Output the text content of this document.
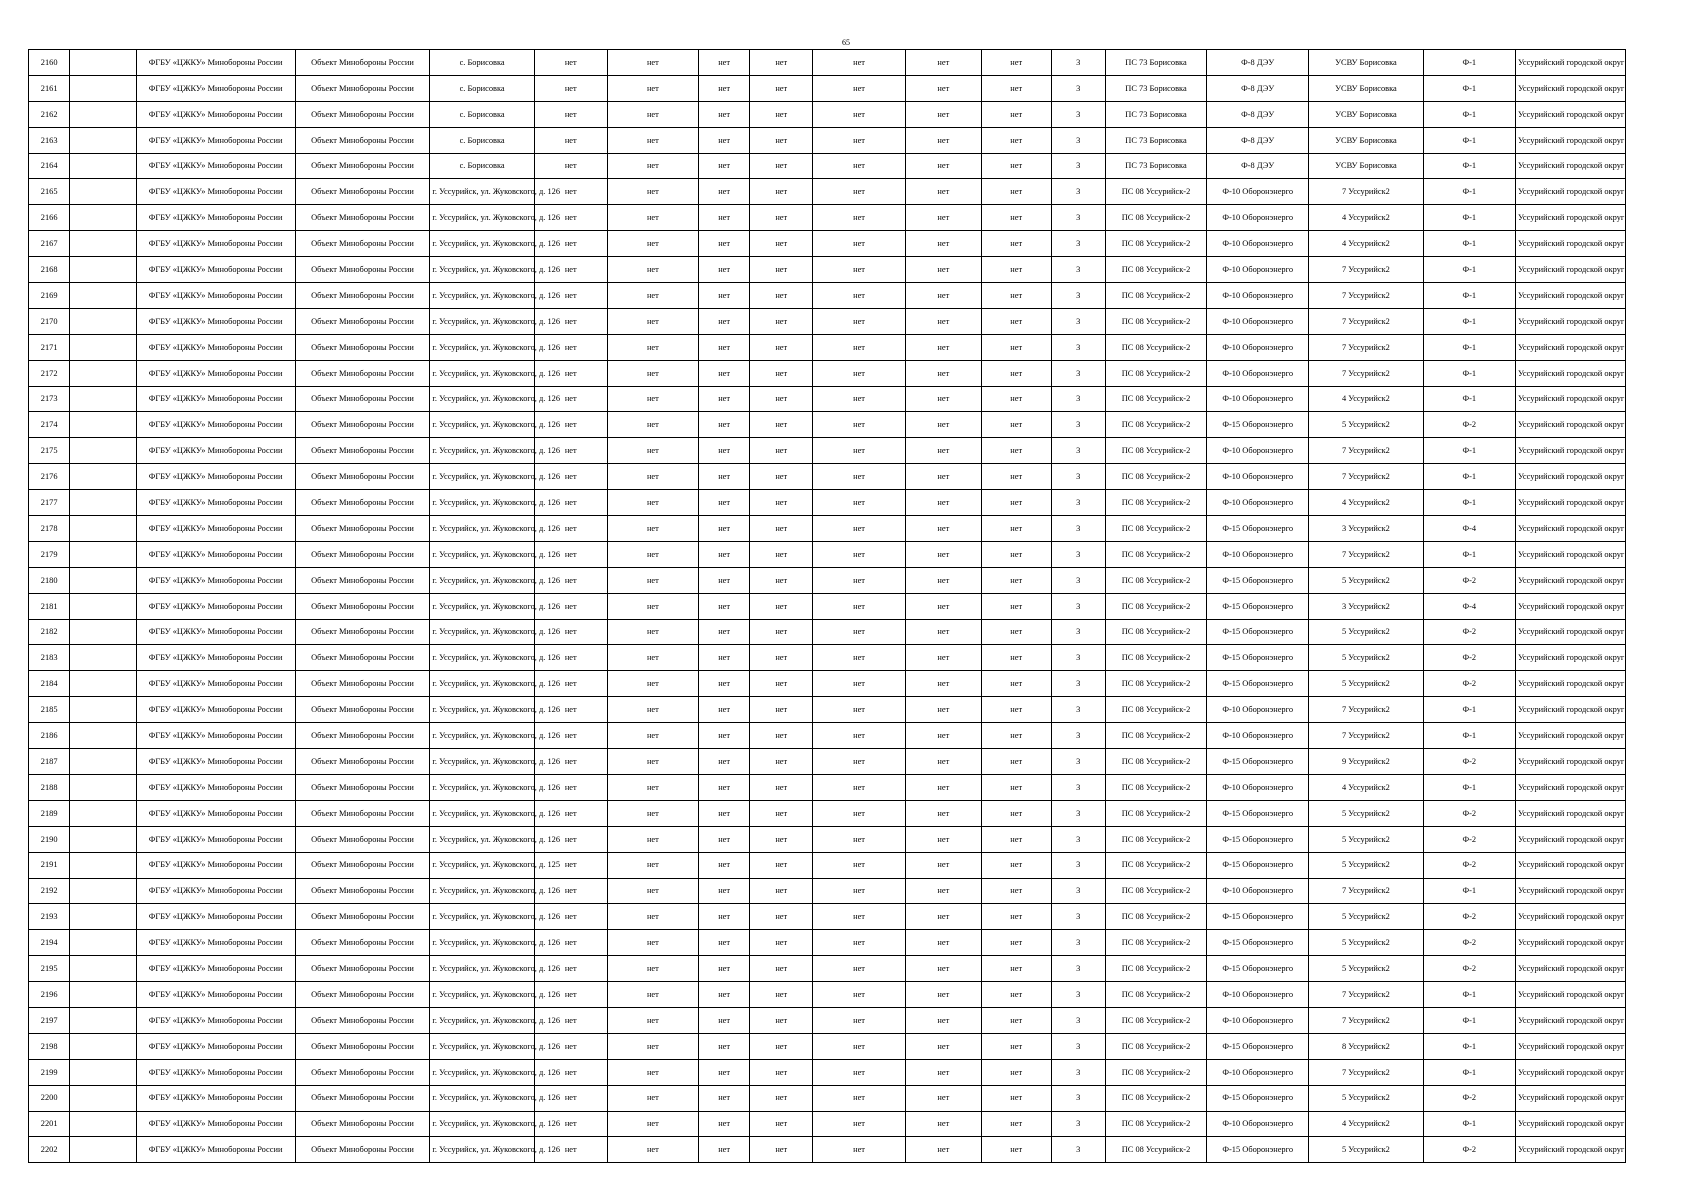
65
2160		ФГБУ «ЦЖКУ» Минобороны России	Объект Минобороны России	с. Борисовка	нет	нет	нет	нет	нет	нет	нет	3	ПС 73 Борисовка	Ф-8 ДЭУ	УСВУ Борисовка	Ф-1	Уссурийский городской округ
2161		ФГБУ «ЦЖКУ» Минобороны России	Объект Минобороны России	с. Борисовка	нет	нет	нет	нет	нет	нет	нет	3	ПС 73 Борисовка	Ф-8 ДЭУ	УСВУ Борисовка	Ф-1	Уссурийский городской округ
2162		ФГБУ «ЦЖКУ» Минобороны России	Объект Минобороны России	с. Борисовка	нет	нет	нет	нет	нет	нет	нет	3	ПС 73 Борисовка	Ф-8 ДЭУ	УСВУ Борисовка	Ф-1	Уссурийский городской округ
2163		ФГБУ «ЦЖКУ» Минобороны России	Объект Минобороны России	с. Борисовка	нет	нет	нет	нет	нет	нет	нет	3	ПС 73 Борисовка	Ф-8 ДЭУ	УСВУ Борисовка	Ф-1	Уссурийский городской округ
2164		ФГБУ «ЦЖКУ» Минобороны России	Объект Минобороны России	с. Борисовка	нет	нет	нет	нет	нет	нет	нет	3	ПС 73 Борисовка	Ф-8 ДЭУ	УСВУ Борисовка	Ф-1	Уссурийский городской округ
2165		ФГБУ «ЦЖКУ» Минобороны России	Объект Минобороны России	г. Уссурийск, ул. Жуковского, д. 126	нет	нет	нет	нет	нет	нет	нет	3	ПС 08 Уссурийск-2	Ф-10 Оборонэнерго	7 Уссурийск2	Ф-1	Уссурийский городской округ
2166		ФГБУ «ЦЖКУ» Минобороны России	Объект Минобороны России	г. Уссурийск, ул. Жуковского, д. 126	нет	нет	нет	нет	нет	нет	нет	3	ПС 08 Уссурийск-2	Ф-10 Оборонэнерго	4 Уссурийск2	Ф-1	Уссурийский городской округ
2167		ФГБУ «ЦЖКУ» Минобороны России	Объект Минобороны России	г. Уссурийск, ул. Жуковского, д. 126	нет	нет	нет	нет	нет	нет	нет	3	ПС 08 Уссурийск-2	Ф-10 Оборонэнерго	4 Уссурийск2	Ф-1	Уссурийский городской округ
2168		ФГБУ «ЦЖКУ» Минобороны России	Объект Минобороны России	г. Уссурийск, ул. Жуковского, д. 126	нет	нет	нет	нет	нет	нет	нет	3	ПС 08 Уссурийск-2	Ф-10 Оборонэнерго	7 Уссурийск2	Ф-1	Уссурийский городской округ
2169		ФГБУ «ЦЖКУ» Минобороны России	Объект Минобороны России	г. Уссурийск, ул. Жуковского, д. 126	нет	нет	нет	нет	нет	нет	нет	3	ПС 08 Уссурийск-2	Ф-10 Оборонэнерго	7 Уссурийск2	Ф-1	Уссурийский городской округ
2170		ФГБУ «ЦЖКУ» Минобороны России	Объект Минобороны России	г. Уссурийск, ул. Жуковского, д. 126	нет	нет	нет	нет	нет	нет	нет	3	ПС 08 Уссурийск-2	Ф-10 Оборонэнерго	7 Уссурийск2	Ф-1	Уссурийский городской округ
2171		ФГБУ «ЦЖКУ» Минобороны России	Объект Минобороны России	г. Уссурийск, ул. Жуковского, д. 126	нет	нет	нет	нет	нет	нет	нет	3	ПС 08 Уссурийск-2	Ф-10 Оборонэнерго	7 Уссурийск2	Ф-1	Уссурийский городской округ
2172		ФГБУ «ЦЖКУ» Минобороны России	Объект Минобороны России	г. Уссурийск, ул. Жуковского, д. 126	нет	нет	нет	нет	нет	нет	нет	3	ПС 08 Уссурийск-2	Ф-10 Оборонэнерго	7 Уссурийск2	Ф-1	Уссурийский городской округ
2173		ФГБУ «ЦЖКУ» Минобороны России	Объект Минобороны России	г. Уссурийск, ул. Жуковского, д. 126	нет	нет	нет	нет	нет	нет	нет	3	ПС 08 Уссурийск-2	Ф-10 Оборонэнерго	4 Уссурийск2	Ф-1	Уссурийский городской округ
2174		ФГБУ «ЦЖКУ» Минобороны России	Объект Минобороны России	г. Уссурийск, ул. Жуковского, д. 126	нет	нет	нет	нет	нет	нет	нет	3	ПС 08 Уссурийск-2	Ф-15 Оборонэнерго	5 Уссурийск2	Ф-2	Уссурийский городской округ
2175		ФГБУ «ЦЖКУ» Минобороны России	Объект Минобороны России	г. Уссурийск, ул. Жуковского, д. 126	нет	нет	нет	нет	нет	нет	нет	3	ПС 08 Уссурийск-2	Ф-10 Оборонэнерго	7 Уссурийск2	Ф-1	Уссурийский городской округ
2176		ФГБУ «ЦЖКУ» Минобороны России	Объект Минобороны России	г. Уссурийск, ул. Жуковского, д. 126	нет	нет	нет	нет	нет	нет	нет	3	ПС 08 Уссурийск-2	Ф-10 Оборонэнерго	7 Уссурийск2	Ф-1	Уссурийский городской округ
2177		ФГБУ «ЦЖКУ» Минобороны России	Объект Минобороны России	г. Уссурийск, ул. Жуковского, д. 126	нет	нет	нет	нет	нет	нет	нет	3	ПС 08 Уссурийск-2	Ф-10 Оборонэнерго	4 Уссурийск2	Ф-1	Уссурийский городской округ
2178		ФГБУ «ЦЖКУ» Минобороны России	Объект Минобороны России	г. Уссурийск, ул. Жуковского, д. 126	нет	нет	нет	нет	нет	нет	нет	3	ПС 08 Уссурийск-2	Ф-15 Оборонэнерго	3 Уссурийск2	Ф-4	Уссурийский городской округ
2179		ФГБУ «ЦЖКУ» Минобороны России	Объект Минобороны России	г. Уссурийск, ул. Жуковского, д. 126	нет	нет	нет	нет	нет	нет	нет	3	ПС 08 Уссурийск-2	Ф-10 Оборонэнерго	7 Уссурийск2	Ф-1	Уссурийский городской округ
2180		ФГБУ «ЦЖКУ» Минобороны России	Объект Минобороны России	г. Уссурийск, ул. Жуковского, д. 126	нет	нет	нет	нет	нет	нет	нет	3	ПС 08 Уссурийск-2	Ф-15 Оборонэнерго	5 Уссурийск2	Ф-2	Уссурийский городской округ
2181		ФГБУ «ЦЖКУ» Минобороны России	Объект Минобороны России	г. Уссурийск, ул. Жуковского, д. 126	нет	нет	нет	нет	нет	нет	нет	3	ПС 08 Уссурийск-2	Ф-15 Оборонэнерго	3 Уссурийск2	Ф-4	Уссурийский городской округ
2182		ФГБУ «ЦЖКУ» Минобороны России	Объект Минобороны России	г. Уссурийск, ул. Жуковского, д. 126	нет	нет	нет	нет	нет	нет	нет	3	ПС 08 Уссурийск-2	Ф-15 Оборонэнерго	5 Уссурийск2	Ф-2	Уссурийский городской округ
2183		ФГБУ «ЦЖКУ» Минобороны России	Объект Минобороны России	г. Уссурийск, ул. Жуковского, д. 126	нет	нет	нет	нет	нет	нет	нет	3	ПС 08 Уссурийск-2	Ф-15 Оборонэнерго	5 Уссурийск2	Ф-2	Уссурийский городской округ
2184		ФГБУ «ЦЖКУ» Минобороны России	Объект Минобороны России	г. Уссурийск, ул. Жуковского, д. 126	нет	нет	нет	нет	нет	нет	нет	3	ПС 08 Уссурийск-2	Ф-15 Оборонэнерго	5 Уссурийск2	Ф-2	Уссурийский городской округ
2185		ФГБУ «ЦЖКУ» Минобороны России	Объект Минобороны России	г. Уссурийск, ул. Жуковского, д. 126	нет	нет	нет	нет	нет	нет	нет	3	ПС 08 Уссурийск-2	Ф-10 Оборонэнерго	7 Уссурийск2	Ф-1	Уссурийский городской округ
2186		ФГБУ «ЦЖКУ» Минобороны России	Объект Минобороны России	г. Уссурийск, ул. Жуковского, д. 126	нет	нет	нет	нет	нет	нет	нет	3	ПС 08 Уссурийск-2	Ф-10 Оборонэнерго	7 Уссурийск2	Ф-1	Уссурийский городской округ
2187		ФГБУ «ЦЖКУ» Минобороны России	Объект Минобороны России	г. Уссурийск, ул. Жуковского, д. 126	нет	нет	нет	нет	нет	нет	нет	3	ПС 08 Уссурийск-2	Ф-15 Оборонэнерго	9 Уссурийск2	Ф-2	Уссурийский городской округ
2188		ФГБУ «ЦЖКУ» Минобороны России	Объект Минобороны России	г. Уссурийск, ул. Жуковского, д. 126	нет	нет	нет	нет	нет	нет	нет	3	ПС 08 Уссурийск-2	Ф-10 Оборонэнерго	4 Уссурийск2	Ф-1	Уссурийский городской округ
2189		ФГБУ «ЦЖКУ» Минобороны России	Объект Минобороны России	г. Уссурийск, ул. Жуковского, д. 126	нет	нет	нет	нет	нет	нет	нет	3	ПС 08 Уссурийск-2	Ф-15 Оборонэнерго	5 Уссурийск2	Ф-2	Уссурийский городской округ
2190		ФГБУ «ЦЖКУ» Минобороны России	Объект Минобороны России	г. Уссурийск, ул. Жуковского, д. 126	нет	нет	нет	нет	нет	нет	нет	3	ПС 08 Уссурийск-2	Ф-15 Оборонэнерго	5 Уссурийск2	Ф-2	Уссурийский городской округ
2191		ФГБУ «ЦЖКУ» Минобороны России	Объект Минобороны России	г. Уссурийск, ул. Жуковского, д. 125	нет	нет	нет	нет	нет	нет	нет	3	ПС 08 Уссурийск-2	Ф-15 Оборонэнерго	5 Уссурийск2	Ф-2	Уссурийский городской округ
2192		ФГБУ «ЦЖКУ» Минобороны России	Объект Минобороны России	г. Уссурийск, ул. Жуковского, д. 126	нет	нет	нет	нет	нет	нет	нет	3	ПС 08 Уссурийск-2	Ф-10 Оборонэнерго	7 Уссурийск2	Ф-1	Уссурийский городской округ
2193		ФГБУ «ЦЖКУ» Минобороны России	Объект Минобороны России	г. Уссурийск, ул. Жуковского, д. 126	нет	нет	нет	нет	нет	нет	нет	3	ПС 08 Уссурийск-2	Ф-15 Оборонэнерго	5 Уссурийск2	Ф-2	Уссурийский городской округ
2194		ФГБУ «ЦЖКУ» Минобороны России	Объект Минобороны России	г. Уссурийск, ул. Жуковского, д. 126	нет	нет	нет	нет	нет	нет	нет	3	ПС 08 Уссурийск-2	Ф-15 Оборонэнерго	5 Уссурийск2	Ф-2	Уссурийский городской округ
2195		ФГБУ «ЦЖКУ» Минобороны России	Объект Минобороны России	г. Уссурийск, ул. Жуковского, д. 126	нет	нет	нет	нет	нет	нет	нет	3	ПС 08 Уссурийск-2	Ф-15 Оборонэнерго	5 Уссурийск2	Ф-2	Уссурийский городской округ
2196		ФГБУ «ЦЖКУ» Минобороны России	Объект Минобороны России	г. Уссурийск, ул. Жуковского, д. 126	нет	нет	нет	нет	нет	нет	нет	3	ПС 08 Уссурийск-2	Ф-10 Оборонэнерго	7 Уссурийск2	Ф-1	Уссурийский городской округ
2197		ФГБУ «ЦЖКУ» Минобороны России	Объект Минобороны России	г. Уссурийск, ул. Жуковского, д. 126	нет	нет	нет	нет	нет	нет	нет	3	ПС 08 Уссурийск-2	Ф-10 Оборонэнерго	7 Уссурийск2	Ф-1	Уссурийский городской округ
2198		ФГБУ «ЦЖКУ» Минобороны России	Объект Минобороны России	г. Уссурийск, ул. Жуковского, д. 126	нет	нет	нет	нет	нет	нет	нет	3	ПС 08 Уссурийск-2	Ф-15 Оборонэнерго	8 Уссурийск2	Ф-1	Уссурийский городской округ
2199		ФГБУ «ЦЖКУ» Минобороны России	Объект Минобороны России	г. Уссурийск, ул. Жуковского, д. 126	нет	нет	нет	нет	нет	нет	нет	3	ПС 08 Уссурийск-2	Ф-10 Оборонэнерго	7 Уссурийск2	Ф-1	Уссурийский городской округ
2200		ФГБУ «ЦЖКУ» Минобороны России	Объект Минобороны России	г. Уссурийск, ул. Жуковского, д. 126	нет	нет	нет	нет	нет	нет	нет	3	ПС 08 Уссурийск-2	Ф-15 Оборонэнерго	5 Уссурийск2	Ф-2	Уссурийский городской округ
2201		ФГБУ «ЦЖКУ» Минобороны России	Объект Минобороны России	г. Уссурийск, ул. Жуковского, д. 126	нет	нет	нет	нет	нет	нет	нет	3	ПС 08 Уссурийск-2	Ф-10 Оборонэнерго	4 Уссурийск2	Ф-1	Уссурийский городской округ
2202		ФГБУ «ЦЖКУ» Минобороны России	Объект Минобороны России	г. Уссурийск, ул. Жуковского, д. 126	нет	нет	нет	нет	нет	нет	нет	3	ПС 08 Уссурийск-2	Ф-15 Оборонэнерго	5 Уссурийск2	Ф-2	Уссурийский городской округ
